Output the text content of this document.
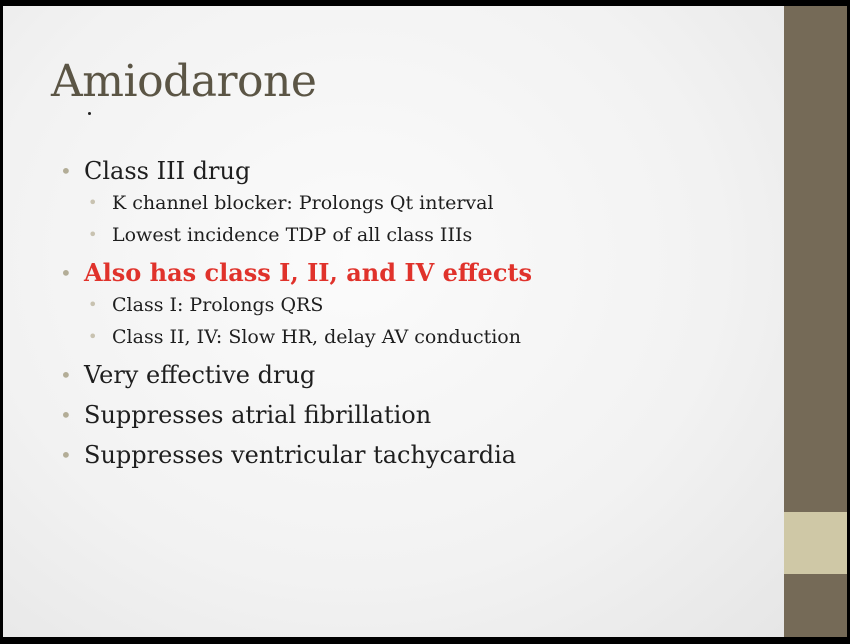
Amiodarone
• Class III drug
• K channel blocker: Prolongs Qt interval
• Lowest incidence TDP of all class IIIs
• Also has class I, II, and IV effects
• Class I: Prolongs QRS
• Class II, IV: Slow HR, delay AV conduction
• Very effective drug
• Suppresses atrial fibrillation
• Suppresses ventricular tachycardia
